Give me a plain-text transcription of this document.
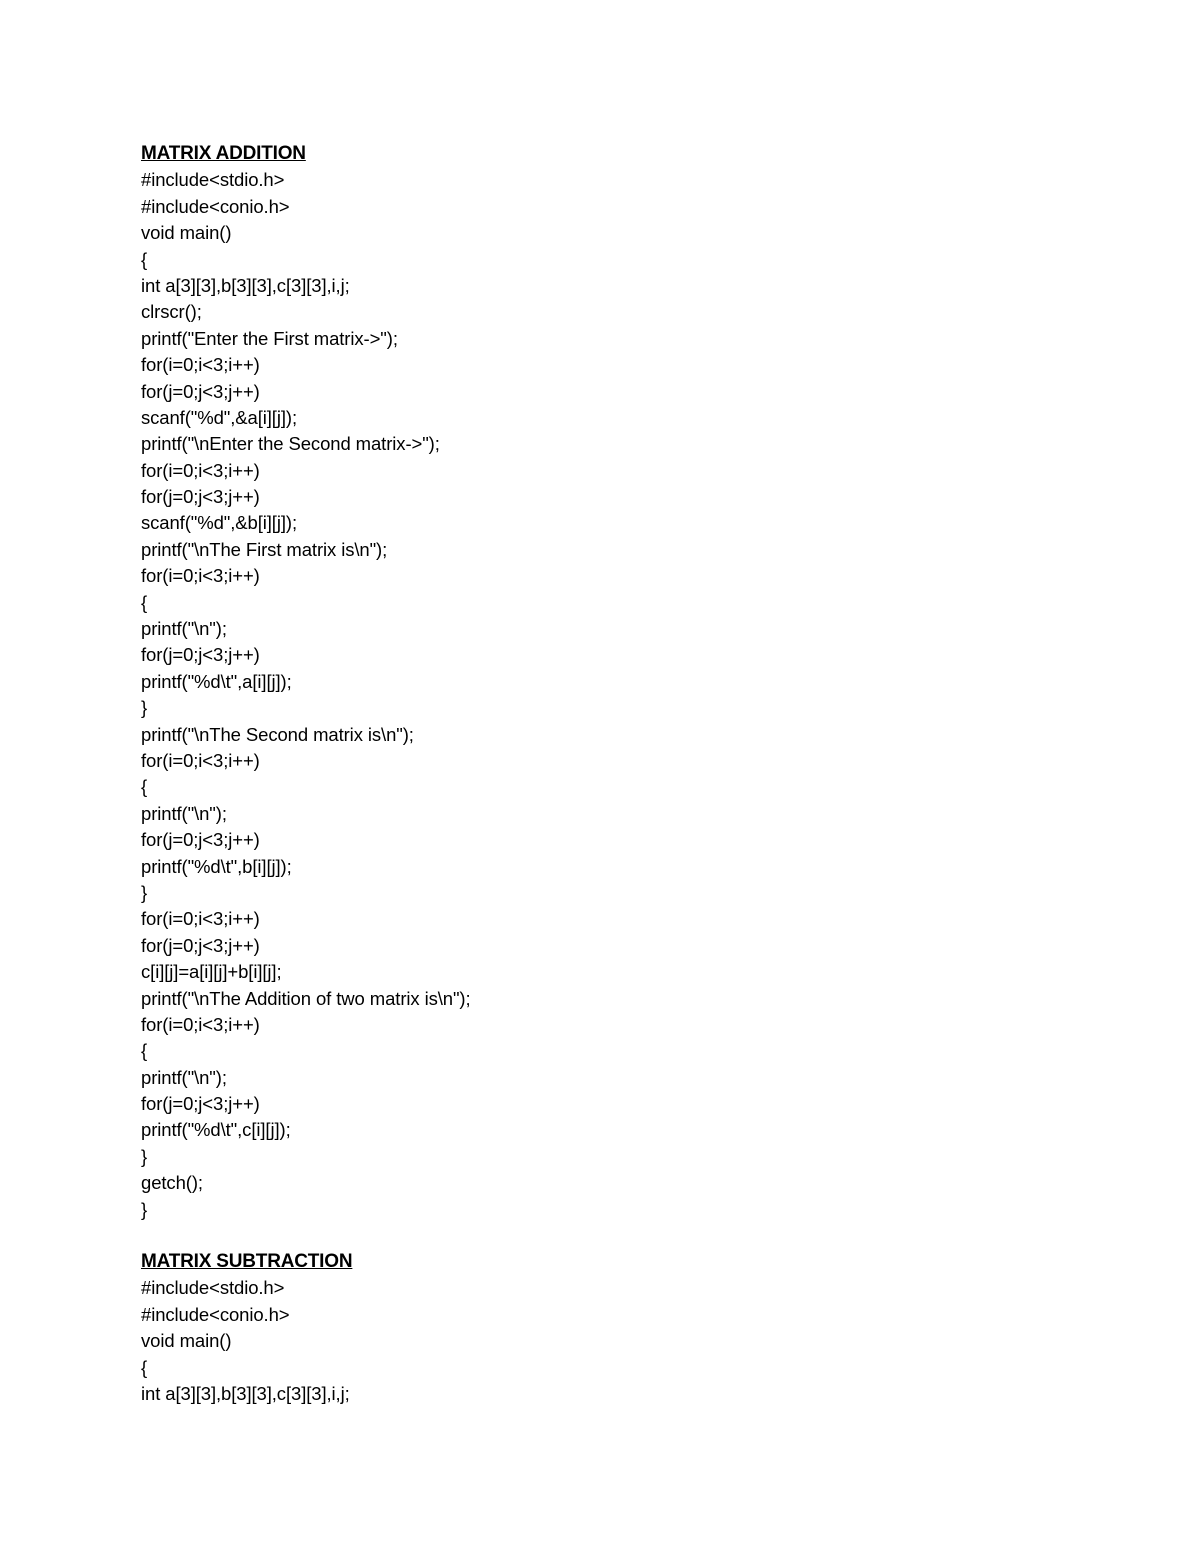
MATRIX ADDITION
#include<stdio.h>
#include<conio.h>
void main()
{
int a[3][3],b[3][3],c[3][3],i,j;
clrscr();
printf("Enter the First matrix->");
for(i=0;i<3;i++)
for(j=0;j<3;j++)
scanf("%d",&a[i][j]);
printf("\nEnter the Second matrix->");
for(i=0;i<3;i++)
for(j=0;j<3;j++)
scanf("%d",&b[i][j]);
printf("\nThe First matrix is\n");
for(i=0;i<3;i++)
{
printf("\n");
for(j=0;j<3;j++)
printf("%d\t",a[i][j]);
}
printf("\nThe Second matrix is\n");
for(i=0;i<3;i++)
{
printf("\n");
for(j=0;j<3;j++)
printf("%d\t",b[i][j]);
}
for(i=0;i<3;i++)
for(j=0;j<3;j++)
c[i][j]=a[i][j]+b[i][j];
printf("\nThe Addition of two matrix is\n");
for(i=0;i<3;i++)
{
printf("\n");
for(j=0;j<3;j++)
printf("%d\t",c[i][j]);
}
getch();
}
MATRIX SUBTRACTION
#include<stdio.h>
#include<conio.h>
void main()
{
int a[3][3],b[3][3],c[3][3],i,j;
